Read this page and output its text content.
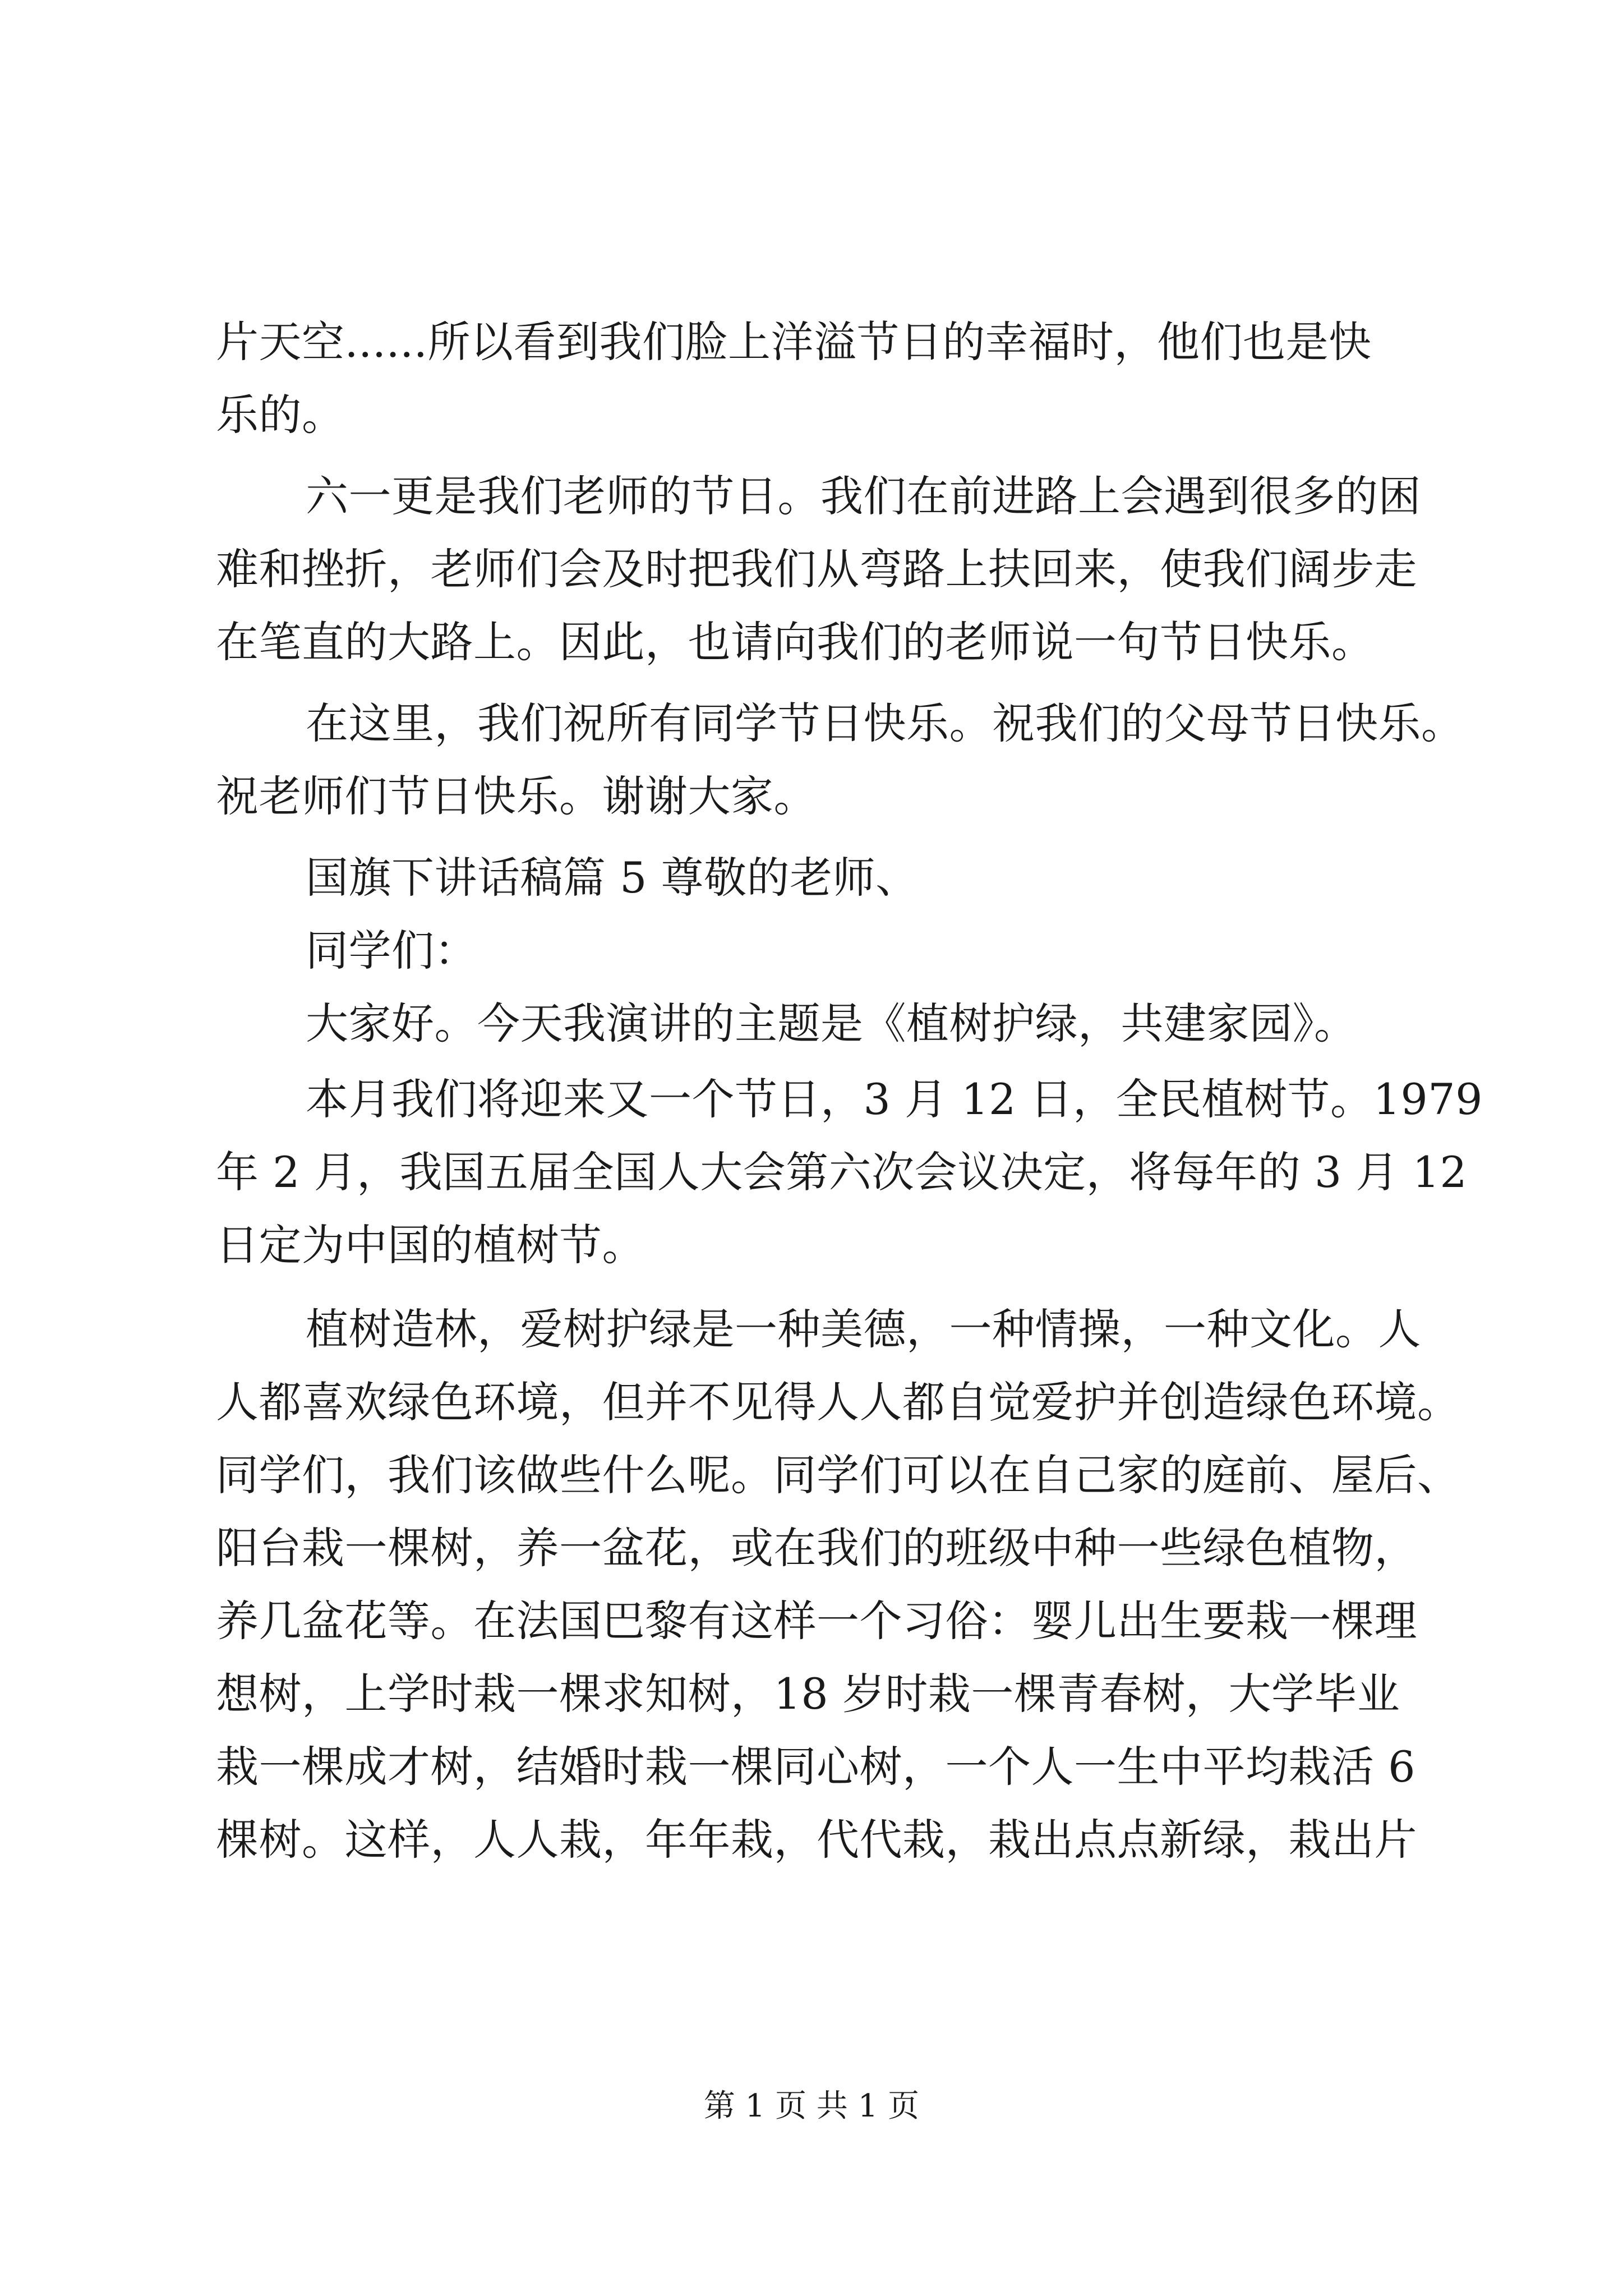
片天空......所以看到我们脸上洋溢节日的幸福时，他们也是快
乐的。
六一更是我们老师的节日。我们在前进路上会遇到很多的困
难和挫折，老师们会及时把我们从弯路上扶回来，使我们阔步走
在笔直的大路上。因此，也请向我们的老师说一句节日快乐。
在这里，我们祝所有同学节日快乐。祝我们的父母节日快乐。
祝老师们节日快乐。谢谢大家。
国旗下讲话稿篇 5 尊敬的老师、
同学们：
大家好。今天我演讲的主题是《植树护绿，共建家园》。
本月我们将迎来又一个节日，3 月 12 日，全民植树节。1979
年 2 月，我国五届全国人大会第六次会议决定，将每年的 3 月 12
日定为中国的植树节。
植树造林，爱树护绿是一种美德，一种情操，一种文化。人
人都喜欢绿色环境，但并不见得人人都自觉爱护并创造绿色环境。
同学们，我们该做些什么呢。同学们可以在自己家的庭前、屋后、
阳台栽一棵树，养一盆花，或在我们的班级中种一些绿色植物，
养几盆花等。在法国巴黎有这样一个习俗：婴儿出生要栽一棵理
想树，上学时栽一棵求知树，18 岁时栽一棵青春树，大学毕业
栽一棵成才树，结婚时栽一棵同心树，一个人一生中平均栽活 6
棵树。这样，人人栽，年年栽，代代栽，栽出点点新绿，栽出片
第 1 页 共 1 页
